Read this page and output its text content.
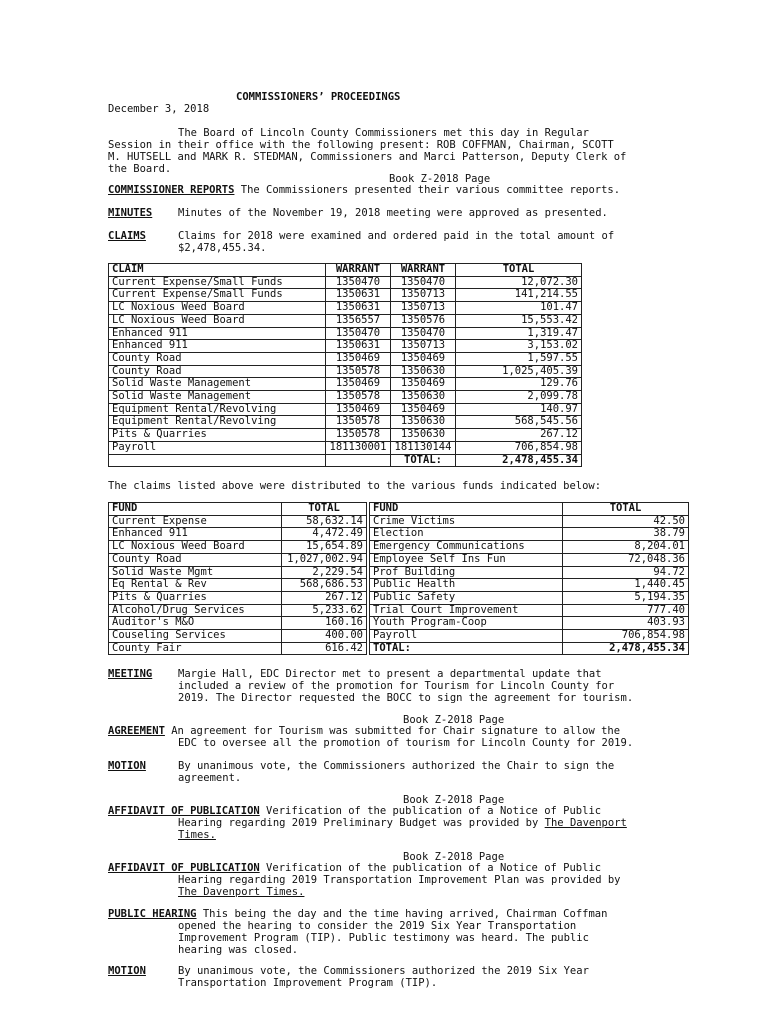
COMMISSIONERS’ PROCEEDINGS
December 3, 2018
The Board of Lincoln County Commissioners met this day in Regular
Session in their office with the following present: ROB COFFMAN, Chairman, SCOTT
M. HUTSELL and MARK R. STEDMAN, Commissioners and Marci Patterson, Deputy Clerk of
the Board.
Book Z-2018 Page
COMMISSIONER REPORTS The Commissioners presented their various committee reports.
MINUTES Minutes of the November 19, 2018 meeting were approved as presented.
CLAIMS	Claims for 2018 were examined and ordered paid in the total amount of
$2,478,455.34.
CLAIM	WARRANT	WARRANT	TOTAL
Current Expense/Small Funds	1350470	1350470	12,072.30
Current Expense/Small Funds	1350631	1350713	141,214.55
LC Noxious Weed Board	1350631	1350713	101.47
LC Noxious Weed Board	1356557	1350576	15,553.42
Enhanced 911	1350470	1350470	1,319.47
Enhanced 911	1350631	1350713	3,153.02
County Road	1350469	1350469	1,597.55
County Road	1350578	1350630	1,025,405.39
Solid Waste Management	1350469	1350469	129.76
Solid Waste Management	1350578	1350630	2,099.78
Equipment Rental/Revolving	1350469	1350469	140.97
Equipment Rental/Revolving	1350578	1350630	568,545.56
Pits & Quarries	1350578	1350630	267.12
Payroll	181130001	181130144	706,854.98
		TOTAL:	2,478,455.34
The claims listed above were distributed to the various funds indicated below:
FUND	TOTAL		FUND	TOTAL
Current Expense	58,632.14		Crime Victims	42.50
Enhanced 911	4,472.49		Election	38.79
LC Noxious Weed Board	15,654.89		Emergency Communications	8,204.01
County Road	1,027,002.94		Employee Self Ins Fun	72,048.36
Solid Waste Mgmt	2,229.54		Prof Building	94.72
Eq Rental & Rev	568,686.53		Public Health	1,440.45
Pits & Quarries	267.12		Public Safety	5,194.35
Alcohol/Drug Services	5,233.62		Trial Court Improvement	777.40
Auditor's M&O	160.16		Youth Program-Coop	403.93
Couseling Services	400.00		Payroll	706,854.98
County Fair	616.42		TOTAL:	2,478,455.34
MEETING Margie Hall, EDC Director met to present a departmental update that
included a review of the promotion for Tourism for Lincoln County for
2019. The Director requested the BOCC to sign the agreement for tourism.
Book Z-2018 Page
AGREEMENT An agreement for Tourism was submitted for Chair signature to allow the
EDC to oversee all the promotion of tourism for Lincoln County for 2019.
MOTION	By unanimous vote, the Commissioners authorized the Chair to sign the
agreement.
Book Z-2018 Page
AFFIDAVIT OF PUBLICATION Verification of the publication of a Notice of Public
Hearing regarding 2019 Preliminary Budget was provided by The Davenport
Times.
Book Z-2018 Page
AFFIDAVIT OF PUBLICATION Verification of the publication of a Notice of Public
Hearing regarding 2019 Transportation Improvement Plan was provided by
The Davenport Times.
PUBLIC HEARING This being the day and the time having arrived, Chairman Coffman
opened the hearing to consider the 2019 Six Year Transportation
Improvement Program (TIP). Public testimony was heard. The public
hearing was closed.
MOTION	By unanimous vote, the Commissioners authorized the 2019 Six Year
Transportation Improvement Program (TIP).
